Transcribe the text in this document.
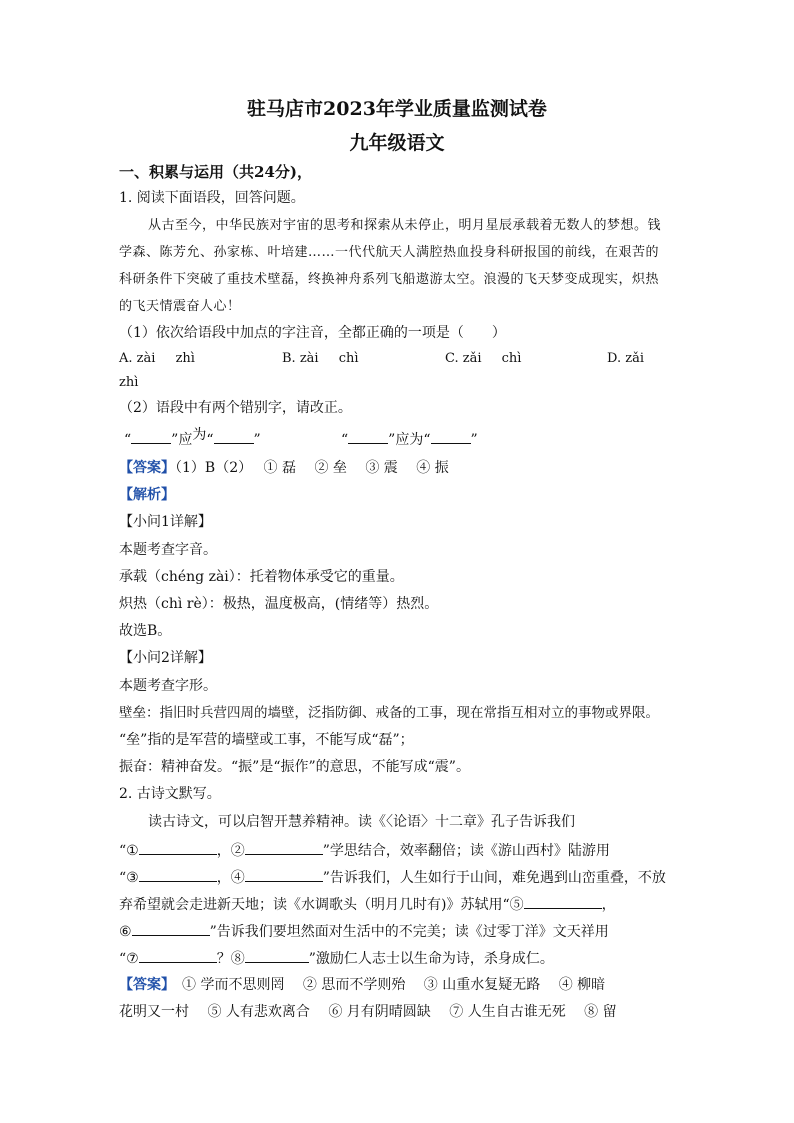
驻马店市2023年学业质量监测试卷
九年级语文
一、积累与运用（共24分)，
1. 阅读下面语段，回答问题。
从古至今，中华民族对宇宙的思考和探索从未停止，明月星辰承载着无数人的梦想。钱
学森、陈芳允、孙家栋、叶培建……一代代航天人满腔热血投身科研报国的前线，在艰苦的
科研条件下突破了重技术壁磊，终换神舟系列飞船遨游太空。浪漫的飞天梦变成现实，炽热
的飞天情震奋人心！
（1）依次给语段中加点的字注音，全都正确的一项是（　　）
A. zài zhì	B. zài chì	C. zǎi chì	D. zǎi
zhì
（2）语段中有两个错别字，请改正。
“	”应为“	”	“	”应为“	”
【答案】（1）B（2）　 ① 磊　 ② 垒　 ③ 震　 ④ 振
【解析】
【小问1详解】
本题考查字音。
承载（chéng zài）：托着物体承受它的重量。
炽热（chì rè）：极热，温度极高，(情绪等）热烈。
故选B。
【小问2详解】
本题考查字形。
壁垒：指旧时兵营四周的墙壁，泛指防御、戒备的工事，现在常指互相对立的事物或界限。
“垒”指的是军营的墙壁或工事，不能写成“磊”；
振奋：精神奋发。“振”是“振作”的意思，不能写成“震”。
2. 古诗文默写。
读古诗文，可以启智开慧养精神。读《〈论语〉十二章》孔子告诉我们
“①	，②	”学思结合，效率翻倍；读《游山西村》陆游用
“③	，④	”告诉我们，人生如行于山间，难免遇到山峦重叠，不放
弃希望就会走进新天地；读《水调歌头（明月几时有)》苏轼用“⑤	，
⑥	”告诉我们要坦然面对生活中的不完美；读《过零丁洋》文天祥用
“⑦	？⑧	”激励仁人志士以生命为诗，杀身成仁。
【答案】　① 学而不思则罔　 ② 思而不学则殆　 ③ 山重水复疑无路　 ④ 柳暗
花明又一村　 ⑤ 人有悲欢离合　 ⑥ 月有阴晴圆缺　 ⑦ 人生自古谁无死　 ⑧ 留
